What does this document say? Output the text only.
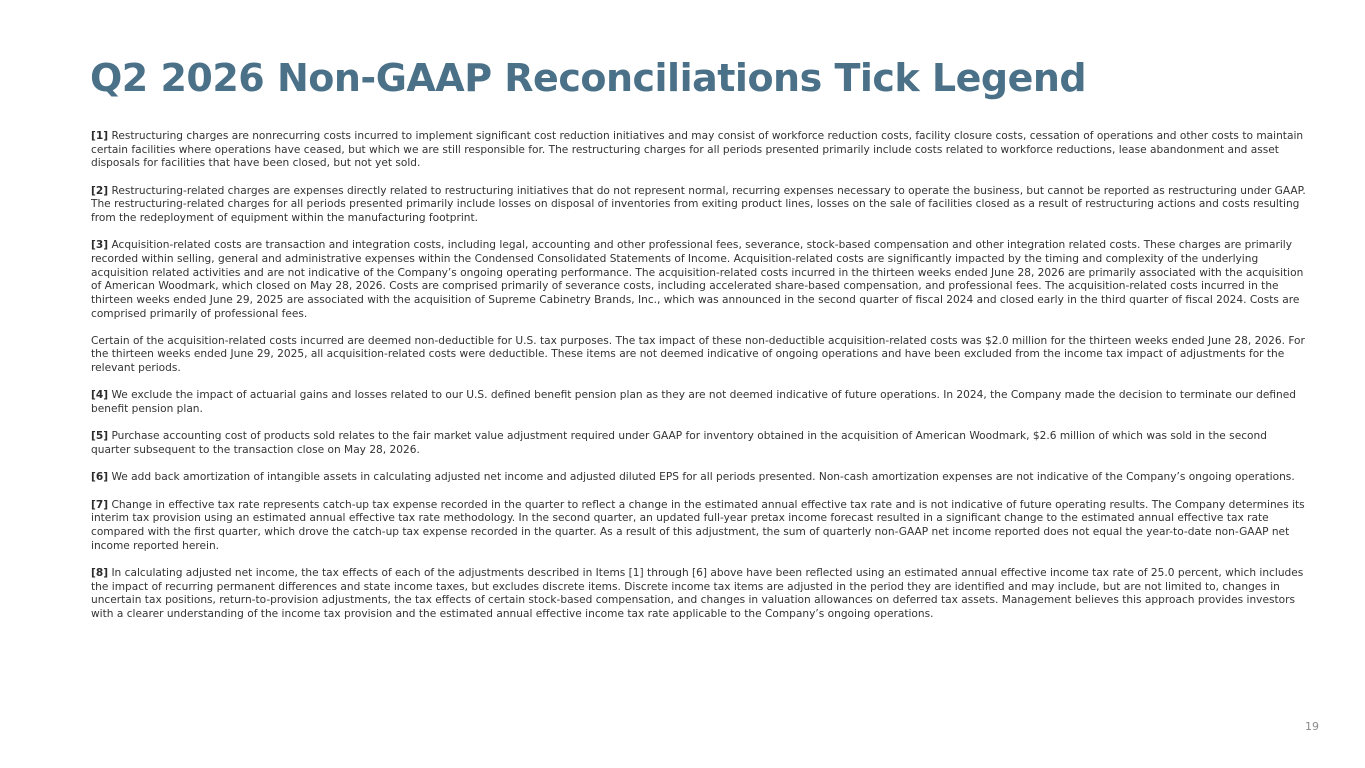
Q2 2026 Non-GAAP Reconciliations Tick Legend

[1] Restructuring charges are nonrecurring costs incurred to implement significant cost reduction initiatives and may consist of workforce reduction costs, facility closure costs, cessation of operations and other costs to maintain certain facilities where operations have ceased, but which we are still responsible for. The restructuring charges for all periods presented primarily include costs related to workforce reductions, lease abandonment and asset disposals for facilities that have been closed, but not yet sold.

[2] Restructuring-related charges are expenses directly related to restructuring initiatives that do not represent normal, recurring expenses necessary to operate the business, but cannot be reported as restructuring under GAAP. The restructuring-related charges for all periods presented primarily include losses on disposal of inventories from exiting product lines, losses on the sale of facilities closed as a result of restructuring actions and costs resulting from the redeployment of equipment within the manufacturing footprint.

[3] Acquisition-related costs are transaction and integration costs, including legal, accounting and other professional fees, severance, stock-based compensation and other integration related costs. These charges are primarily recorded within selling, general and administrative expenses within the Condensed Consolidated Statements of Income. Acquisition-related costs are significantly impacted by the timing and complexity of the underlying acquisition related activities and are not indicative of the Company’s ongoing operating performance. The acquisition-related costs incurred in the thirteen weeks ended June 28, 2026 are primarily associated with the acquisition of American Woodmark, which closed on May 28, 2026. Costs are comprised primarily of severance costs, including accelerated share-based compensation, and professional fees. The acquisition-related costs incurred in the thirteen weeks ended June 29, 2025 are associated with the acquisition of Supreme Cabinetry Brands, Inc., which was announced in the second quarter of fiscal 2024 and closed early in the third quarter of fiscal 2024. Costs are comprised primarily of professional fees.

Certain of the acquisition-related costs incurred are deemed non-deductible for U.S. tax purposes. The tax impact of these non-deductible acquisition-related costs was $2.0 million for the thirteen weeks ended June 28, 2026. For the thirteen weeks ended June 29, 2025, all acquisition-related costs were deductible. These items are not deemed indicative of ongoing operations and have been excluded from the income tax impact of adjustments for the relevant periods.

[4] We exclude the impact of actuarial gains and losses related to our U.S. defined benefit pension plan as they are not deemed indicative of future operations. In 2024, the Company made the decision to terminate our defined benefit pension plan.

[5] Purchase accounting cost of products sold relates to the fair market value adjustment required under GAAP for inventory obtained in the acquisition of American Woodmark, $2.6 million of which was sold in the second quarter subsequent to the transaction close on May 28, 2026.

[6] We add back amortization of intangible assets in calculating adjusted net income and adjusted diluted EPS for all periods presented. Non-cash amortization expenses are not indicative of the Company’s ongoing operations.

[7] Change in effective tax rate represents catch-up tax expense recorded in the quarter to reflect a change in the estimated annual effective tax rate and is not indicative of future operating results. The Company determines its interim tax provision using an estimated annual effective tax rate methodology. In the second quarter, an updated full-year pretax income forecast resulted in a significant change to the estimated annual effective tax rate compared with the first quarter, which drove the catch-up tax expense recorded in the quarter. As a result of this adjustment, the sum of quarterly non-GAAP net income reported does not equal the year-to-date non-GAAP net income reported herein.

[8] In calculating adjusted net income, the tax effects of each of the adjustments described in Items [1] through [6] above have been reflected using an estimated annual effective income tax rate of 25.0 percent, which includes the impact of recurring permanent differences and state income taxes, but excludes discrete items. Discrete income tax items are adjusted in the period they are identified and may include, but are not limited to, changes in uncertain tax positions, return-to-provision adjustments, the tax effects of certain stock-based compensation, and changes in valuation allowances on deferred tax assets. Management believes this approach provides investors with a clearer understanding of the income tax provision and the estimated annual effective income tax rate applicable to the Company’s ongoing operations.

19
